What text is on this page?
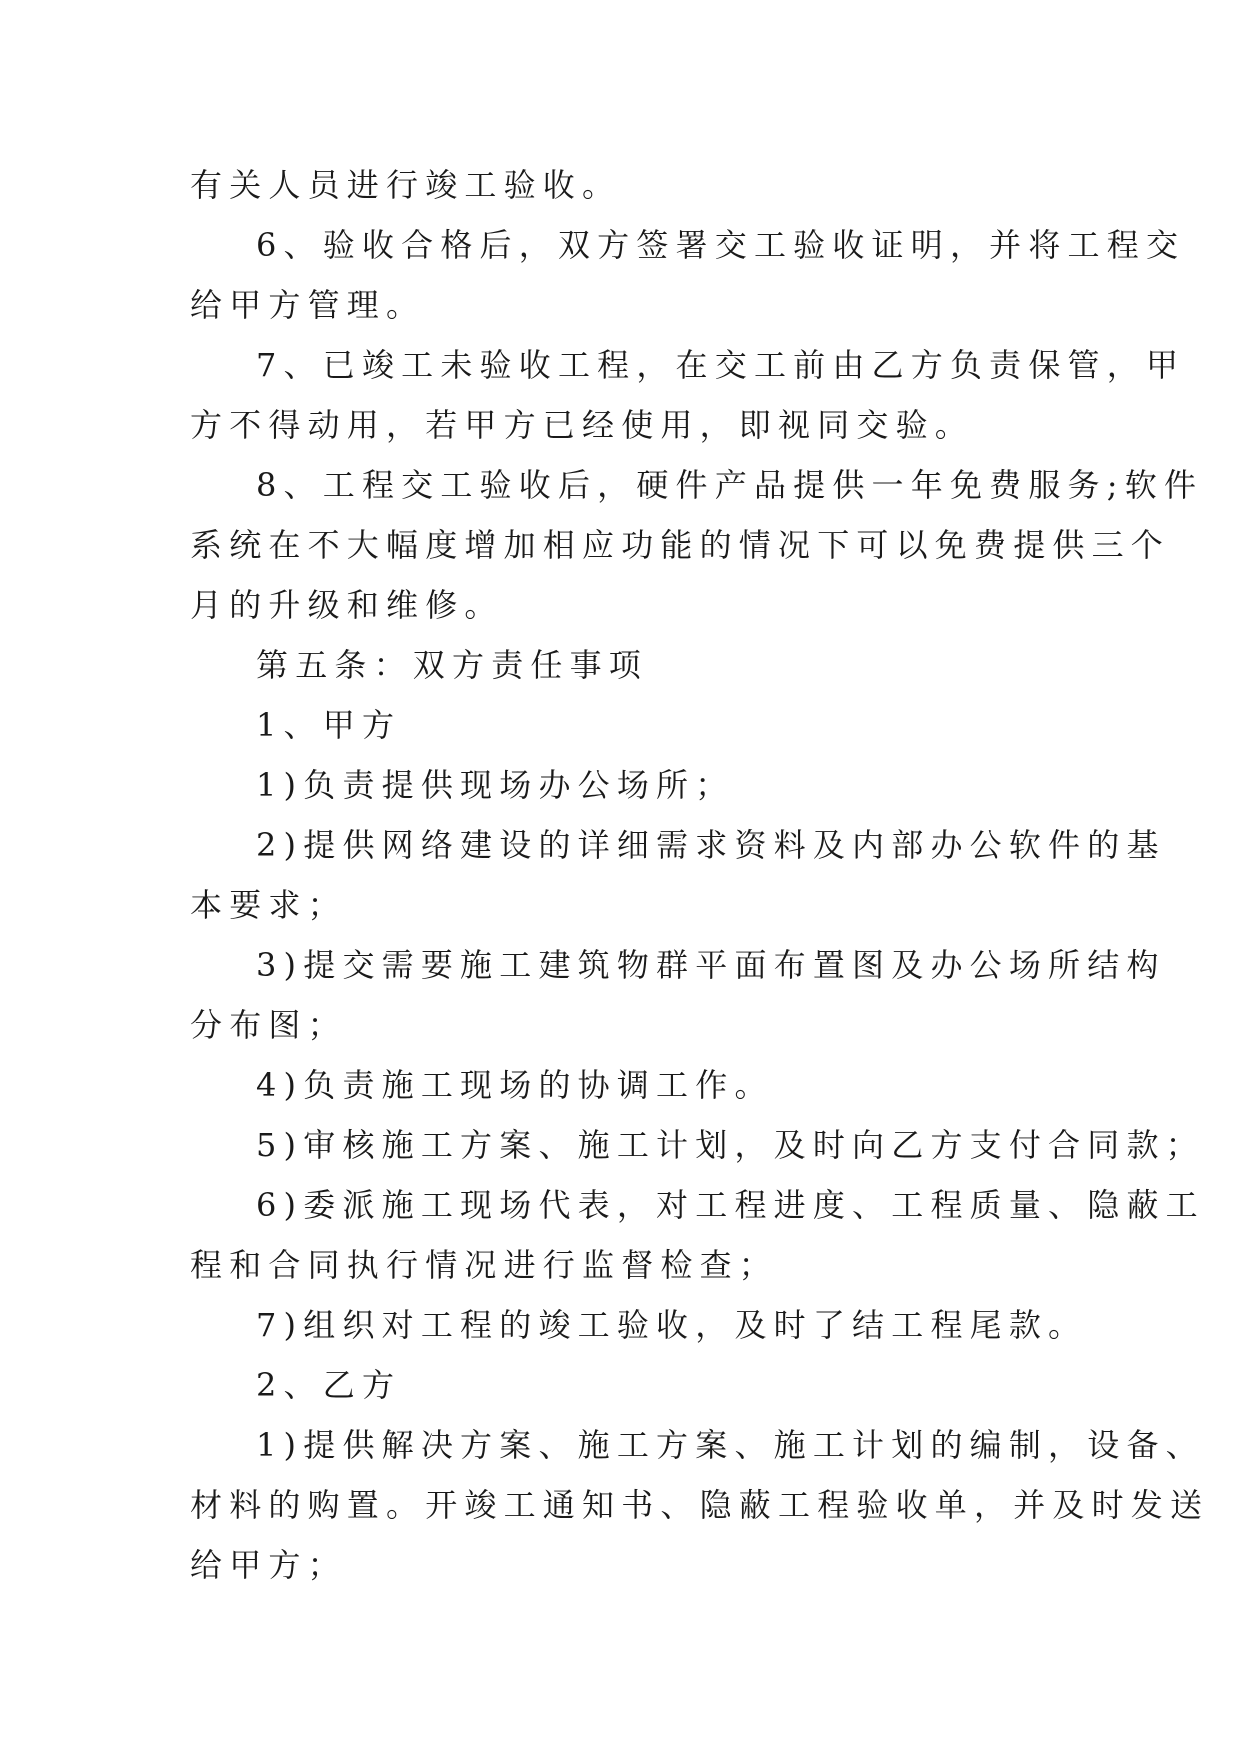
有关人员进行竣工验收。
6、验收合格后，双方签署交工验收证明，并将工程交
给甲方管理。
7、已竣工未验收工程，在交工前由乙方负责保管，甲
方不得动用，若甲方已经使用，即视同交验。
8、工程交工验收后，硬件产品提供一年免费服务;软件
系统在不大幅度增加相应功能的情况下可以免费提供三个
月的升级和维修。
第五条：双方责任事项
1、甲方
1)负责提供现场办公场所；
2)提供网络建设的详细需求资料及内部办公软件的基
本要求；
3)提交需要施工建筑物群平面布置图及办公场所结构
分布图；
4)负责施工现场的协调工作。
5)审核施工方案、施工计划，及时向乙方支付合同款；
6)委派施工现场代表，对工程进度、工程质量、隐蔽工
程和合同执行情况进行监督检查；
7)组织对工程的竣工验收，及时了结工程尾款。
2、乙方
1)提供解决方案、施工方案、施工计划的编制，设备、
材料的购置。开竣工通知书、隐蔽工程验收单，并及时发送
给甲方；
